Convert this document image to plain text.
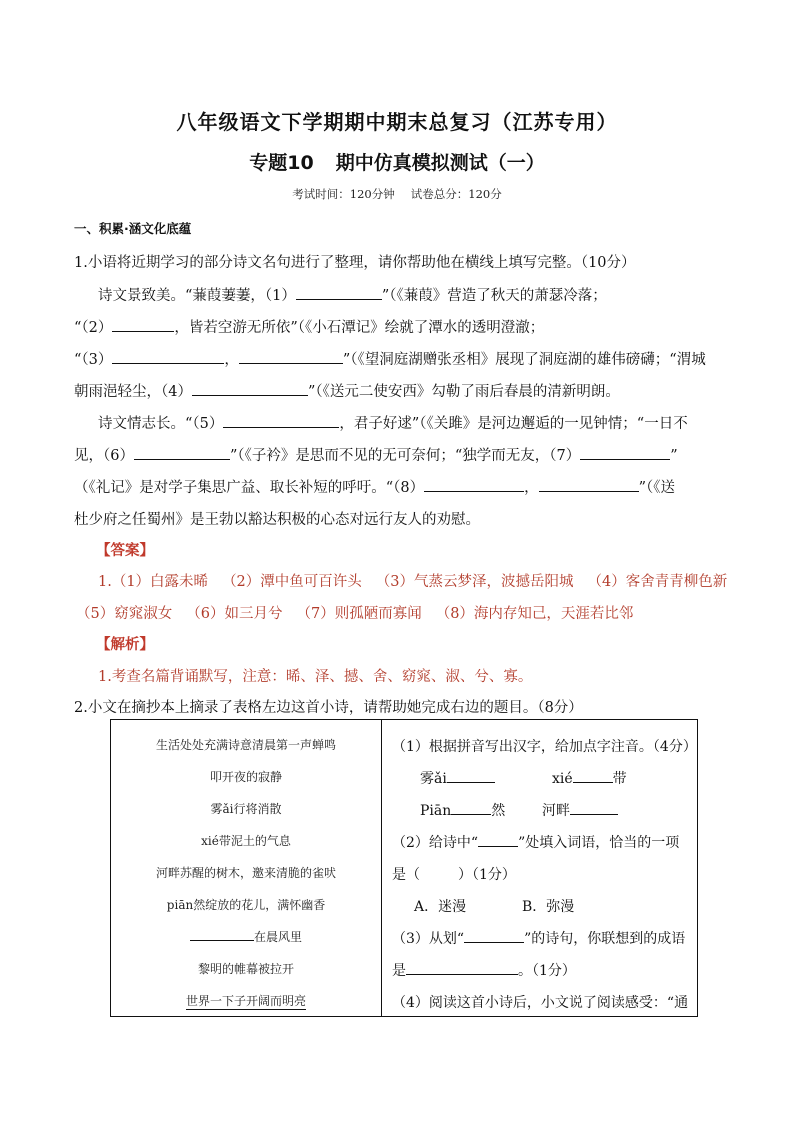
八年级语文下学期期中期末总复习（江苏专用）
专题10 期中仿真模拟测试（一）
考试时间：120分钟 试卷总分：120分
一、积累·涵文化底蕴
1.小语将近期学习的部分诗文名句进行了整理，请你帮助他在横线上填写完整。（10分）
诗文景致美。“蒹葭萋萋，（1）	”（《蒹葭》营造了秋天的萧瑟冷落；
“（2）	，皆若空游无所依”（《小石潭记》绘就了潭水的透明澄澈；
“（3）	，	”（《望洞庭湖赠张丞相》展现了洞庭湖的雄伟磅礴；“渭城
朝雨浥轻尘，（4）	”（《送元二使安西》勾勒了雨后春晨的清新明朗。
诗文情志长。“（5）	，君子好逑”（《关雎》是河边邂逅的一见钟情；“一日不
见，（6）	”（《子衿》是思而不见的无可奈何；“独学而无友，（7）	”
（《礼记》是对学子集思广益、取长补短的呼吁。“（8）	，	”（《送
杜少府之任蜀州》是王勃以豁达积极的心态对远行友人的劝慰。
【答案】
1.（1）白露未晞 （2）潭中鱼可百许头 （3）气蒸云梦泽，波撼岳阳城 （4）客舍青青柳色新
（5）窈窕淑女 （6）如三月兮 （7）则孤陋而寡闻 （8）海内存知己，天涯若比邻
【解析】
1.考查名篇背诵默写，注意：晞、泽、撼、舍、窈窕、淑、兮、寡。
2.小文在摘抄本上摘录了表格左边这首小诗，请帮助她完成右边的题目。（8分）
生活处处充满诗意清晨第一声蝉鸣
叩开夜的寂静
雾ǎi行将消散
xié带泥土的气息
河畔苏醒的树木，邀来清脆的雀吠
piān然绽放的花儿，满怀幽香
在晨风里
黎明的帷幕被拉开
世界一下子开阔而明亮
（1）根据拼音写出汉字，给加点字注音。（4分）
雾ǎi	xié	带
Piān	然	河畔
（2）给诗中“	”处填入词语，恰当的一项
是（	）（1分）
A．迷漫	B．弥漫
（3）从划“	”的诗句，你联想到的成语
是	。（1分）
（4）阅读这首小诗后，小文说了阅读感受：“通
